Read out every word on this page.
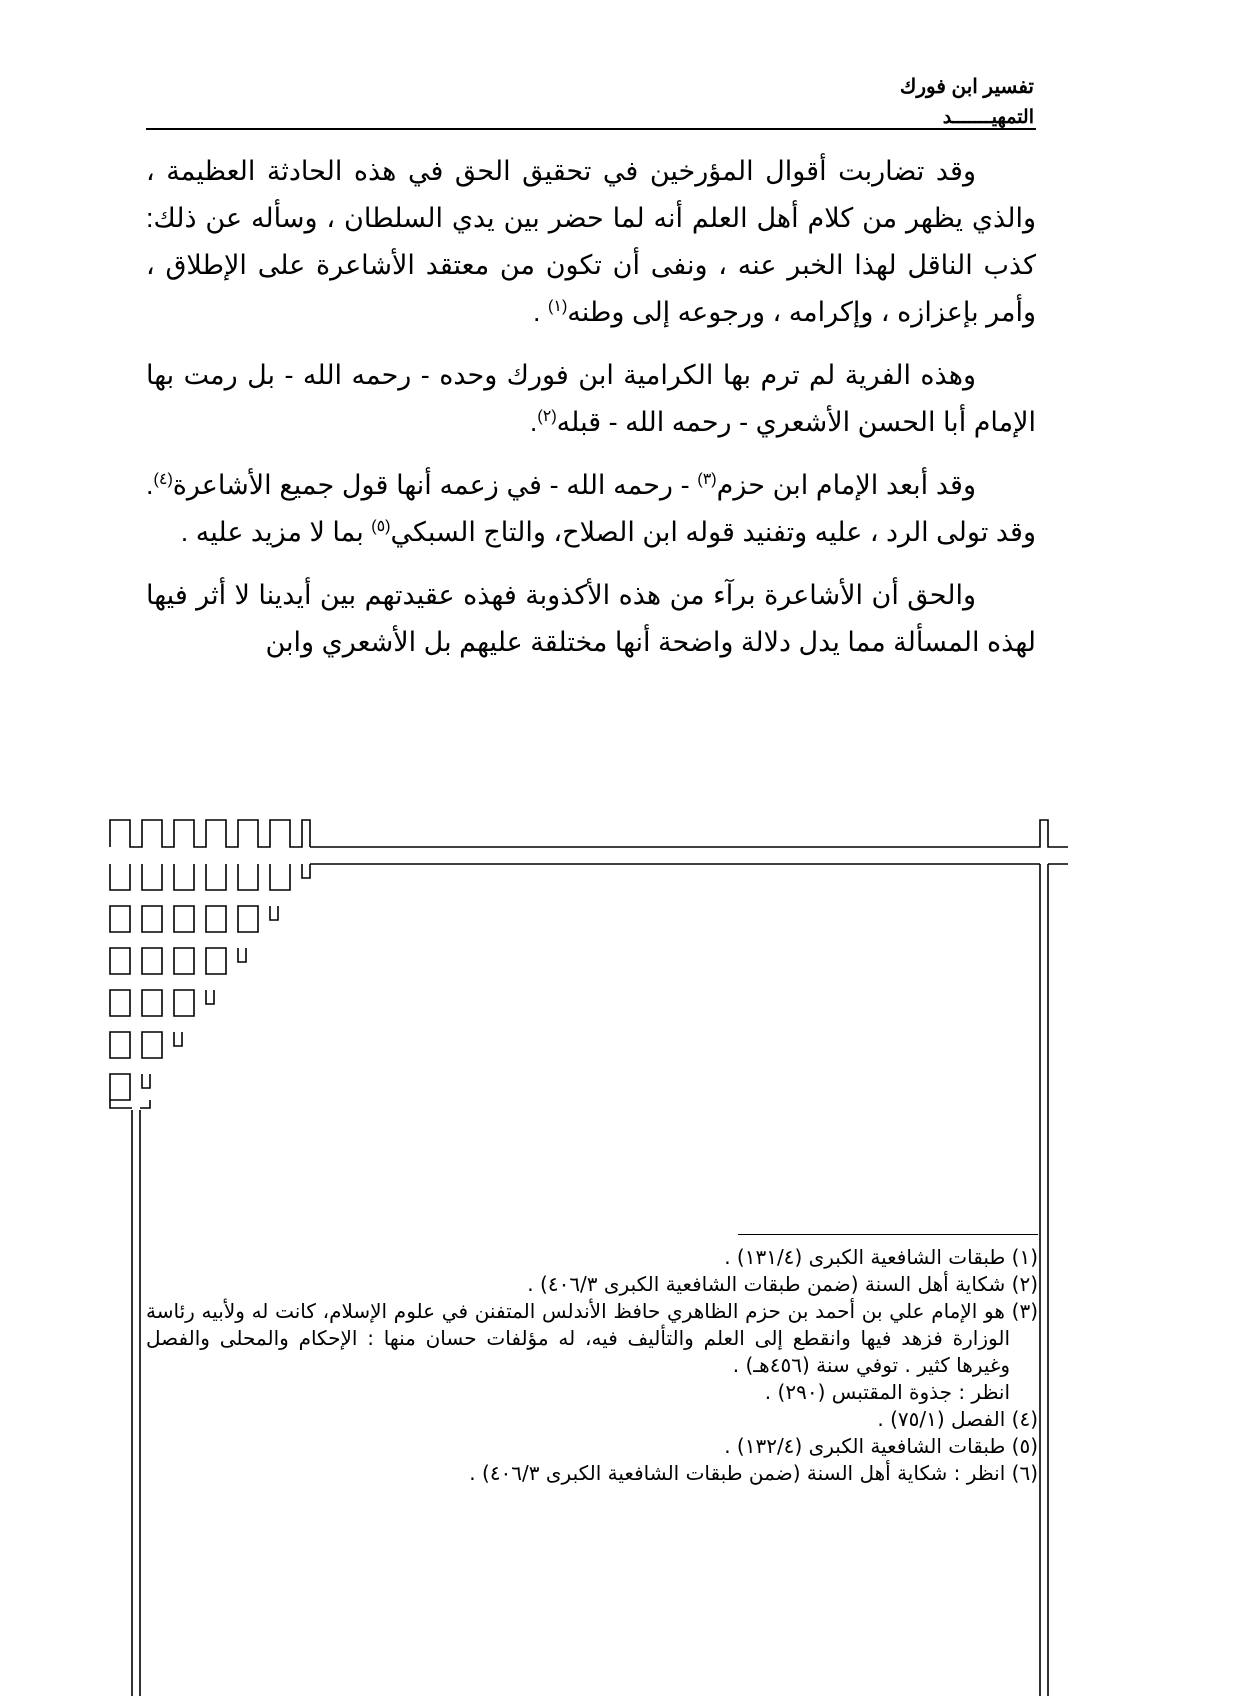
تفسير ابن فورك
التمهيـــــــد

وقد تضاربت أقوال المؤرخين في تحقيق الحق في هذه الحادثة العظيمة ، والذي يظهر من كلام أهل العلم أنه لما حضر بين يدي السلطان ، وسأله عن ذلك: كذب الناقل لهذا الخبر عنه ، ونفى أن تكون من معتقد الأشاعرة على الإطلاق ، وأمر بإعزازه ، وإكرامه ، ورجوعه إلى وطنه$^{(١)}$ .

وهذه الفرية لم ترم بها الكرامية ابن فورك وحده - رحمه الله - بل رمت بها الإمام أبا الحسن الأشعري - رحمه الله - قبله$^{(٢)}$.

وقد أبعد الإمام ابن حزم$^{(٣)}$ - رحمه الله - في زعمه أنها قول جميع الأشاعرة$^{(٤)}$. وقد تولى الرد ، عليه وتفنيد قوله ابن الصلاح، والتاج السبكي$^{(٥)}$ بما لا مزيد عليه .

والحق أن الأشاعرة برآء من هذه الأكذوبة فهذه عقيدتهم بين أيدينا لا أثر فيها لهذه المسألة مما يدل دلالة واضحة أنها مختلقة عليهم بل الأشعري وابن

(١) طبقات الشافعية الكبرى (١٣١/٤) .

(٢) شكاية أهل السنة (ضمن طبقات الشافعية الكبرى ٤٠٦/٣) .

(٣) هو الإمام علي بن أحمد بن حزم الظاهري حافظ الأندلس المتفنن في علوم الإسلام، كانت له ولأبيه رئاسة الوزارة فزهد فيها وانقطع إلى العلم والتأليف فيه، له مؤلفات حسان منها : الإحكام والمحلى والفصل وغيرها كثير . توفي سنة (٤٥٦هـ) .

انظر : جذوة المقتبس (٢٩٠) .

(٤) الفصل (٧٥/١) .

(٥) طبقات الشافعية الكبرى (١٣٢/٤) .

(٦) انظر : شكاية أهل السنة (ضمن طبقات الشافعية الكبرى ٤٠٦/٣) .
